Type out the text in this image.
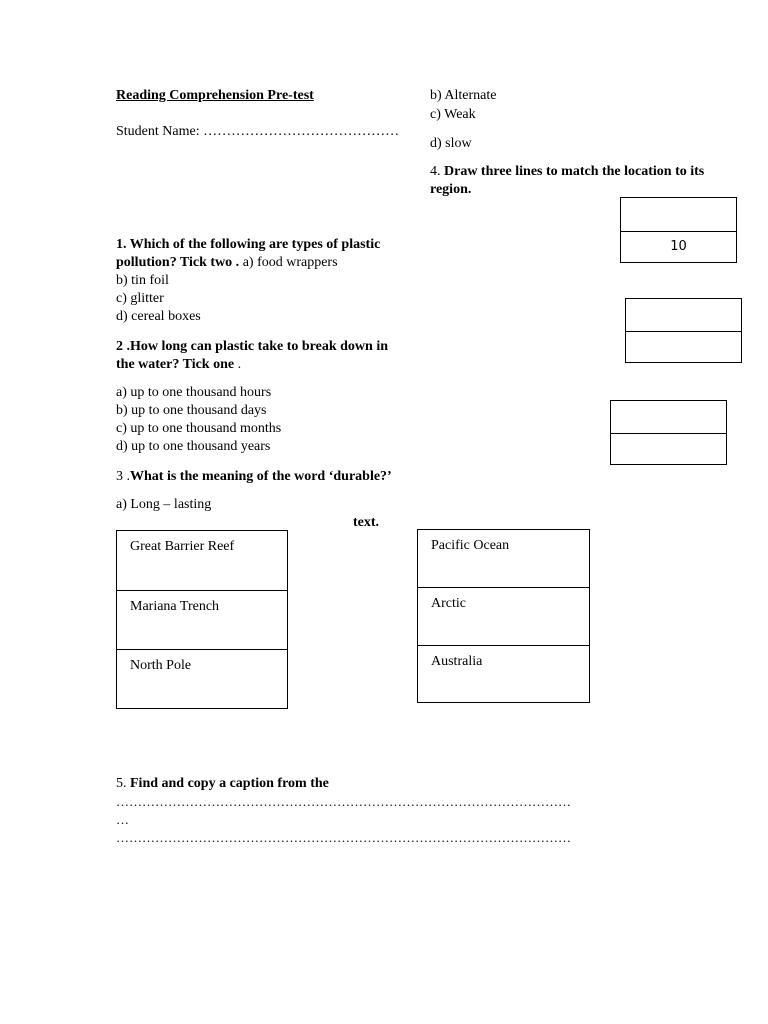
Reading Comprehension Pre-test
Student Name: ……………………………………
1. Which of the following are types of plastic
pollution? Tick two . a) food wrappers
b) tin foil
c) glitter
d) cereal boxes
2 .How long can plastic take to break down in
the water? Tick one .
a) up to one thousand hours
b) up to one thousand days
c) up to one thousand months
d) up to one thousand years
3 .What is the meaning of the word ‘durable?’
a) Long – lasting
b) Alternate
c) Weak
d) slow
4. Draw three lines to match the location to its
region.
10
text.
Great Barrier Reef
Mariana Trench
North Pole
Pacific Ocean
Arctic
Australia
5. Find and copy a caption from the
……………………………………………………………………………………………
…
……………………………………………………………………………………………
